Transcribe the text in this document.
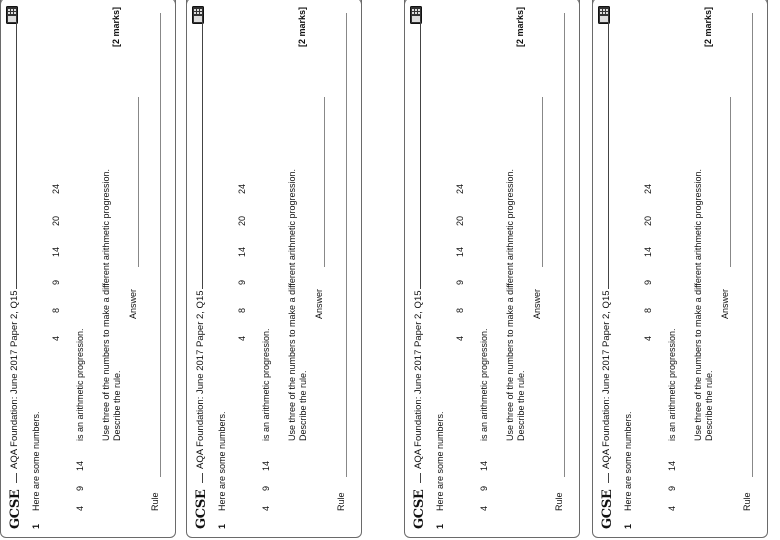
GCSE
AQA Foundation: June 2017 Paper 2, Q15
1
Here are some numbers.
4
8
9
14
20
24
4
9
14
is an arithmetic progression. Use three of the numbers to make a different arithmetic progression. Describe the rule.
[2 marks]
Answer
Rule	GCSE
AQA Foundation: June 2017 Paper 2, Q15
1
Here are some numbers.
4
8
9
14
20
24
4
9
14
is an arithmetic progression. Use three of the numbers to make a different arithmetic progression. Describe the rule.
[2 marks]
Answer
Rule	GCSE
AQA Foundation: June 2017 Paper 2, Q15
1
Here are some numbers.
4
8
9
14
20
24
4
9
14
is an arithmetic progression. Use three of the numbers to make a different arithmetic progression. Describe the rule.
[2 marks]
Answer
Rule	GCSE
AQA Foundation: June 2017 Paper 2, Q15
1
Here are some numbers.
4
8
9
14
20
24
4
9
14
is an arithmetic progression. Use three of the numbers to make a different arithmetic progression. Describe the rule.
[2 marks]
Answer
Rule
